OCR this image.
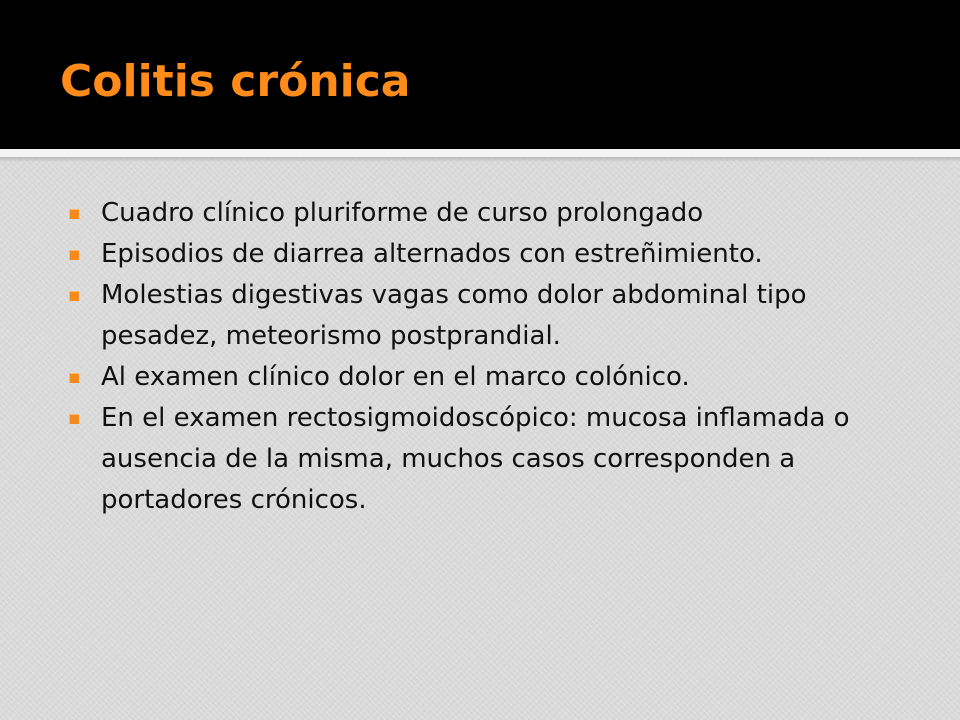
Colitis crónica
Cuadro clínico pluriforme de curso prolongado
Episodios de diarrea alternados con estreñimiento.
Molestias digestivas vagas como dolor abdominal tipo pesadez, meteorismo postprandial.
Al examen clínico dolor en el marco colónico.
En el examen rectosigmoidoscópico: mucosa inflamada o ausencia de la misma, muchos casos corresponden a portadores crónicos.
